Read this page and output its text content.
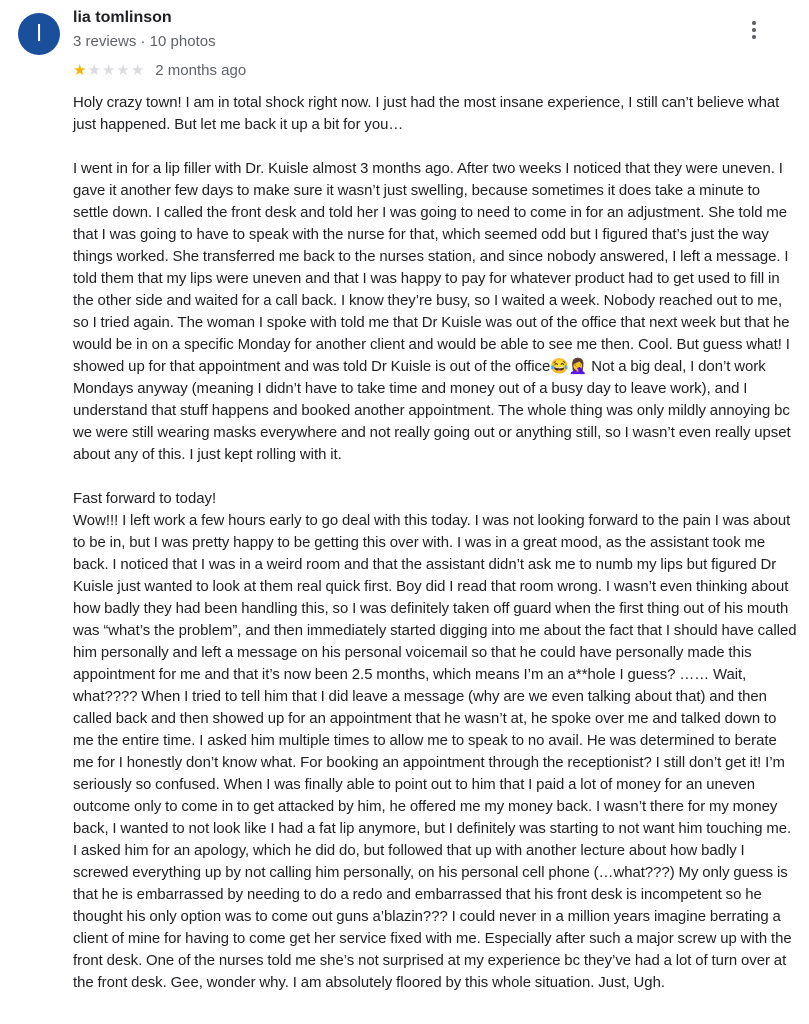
l
lia tomlinson
3 reviews · 10 photos
★ ★ ★ ★ ★ 2 months ago

Holy crazy town! I am in total shock right now. I just had the most insane experience, I still can’t believe what just happened. But let me back it up a bit for you…

I went in for a lip filler with Dr. Kuisle almost 3 months ago. After two weeks I noticed that they were uneven. I gave it another few days to make sure it wasn’t just swelling, because sometimes it does take a minute to settle down. I called the front desk and told her I was going to need to come in for an adjustment. She told me that I was going to have to speak with the nurse for that, which seemed odd but I figured that’s just the way things worked. She transferred me back to the nurses station, and since nobody answered, I left a message. I told them that my lips were uneven and that I was happy to pay for whatever product had to get used to fill in the other side and waited for a call back. I know they’re busy, so I waited a week. Nobody reached out to me, so I tried again. The woman I spoke with told me that Dr Kuisle was out of the office that next week but that he would be in on a specific Monday for another client and would be able to see me then. Cool. But guess what! I showed up for that appointment and was told Dr Kuisle is out of the office😂🤦‍♀️ Not a big deal, I don’t work Mondays anyway (meaning I didn’t have to take time and money out of a busy day to leave work), and I understand that stuff happens and booked another appointment. The whole thing was only mildly annoying bc we were still wearing masks everywhere and not really going out or anything still, so I wasn’t even really upset about any of this. I just kept rolling with it.

Fast forward to today!
Wow!!! I left work a few hours early to go deal with this today. I was not looking forward to the pain I was about to be in, but I was pretty happy to be getting this over with. I was in a great mood, as the assistant took me back. I noticed that I was in a weird room and that the assistant didn’t ask me to numb my lips but figured Dr Kuisle just wanted to look at them real quick first. Boy did I read that room wrong. I wasn’t even thinking about how badly they had been handling this, so I was definitely taken off guard when the first thing out of his mouth was “what’s the problem”, and then immediately started digging into me about the fact that I should have called him personally and left a message on his personal voicemail so that he could have personally made this appointment for me and that it’s now been 2.5 months, which means I’m an a**hole I guess? …… Wait, what???? When I tried to tell him that I did leave a message (why are we even talking about that) and then called back and then showed up for an appointment that he wasn’t at, he spoke over me and talked down to me the entire time. I asked him multiple times to allow me to speak to no avail. He was determined to berate me for I honestly don’t know what. For booking an appointment through the receptionist? I still don’t get it! I’m seriously so confused. When I was finally able to point out to him that I paid a lot of money for an uneven outcome only to come in to get attacked by him, he offered me my money back. I wasn’t there for my money back, I wanted to not look like I had a fat lip anymore, but I definitely was starting to not want him touching me. I asked him for an apology, which he did do, but followed that up with another lecture about how badly I screwed everything up by not calling him personally, on his personal cell phone (…what???) My only guess is that he is embarrassed by needing to do a redo and embarrassed that his front desk is incompetent so he thought his only option was to come out guns a’blazin??? I could never in a million years imagine berrating a client of mine for having to come get her service fixed with me. Especially after such a major screw up with the front desk. One of the nurses told me she’s not surprised at my experience bc they’ve had a lot of turn over at the front desk. Gee, wonder why. I am absolutely floored by this whole situation. Just, Ugh.
